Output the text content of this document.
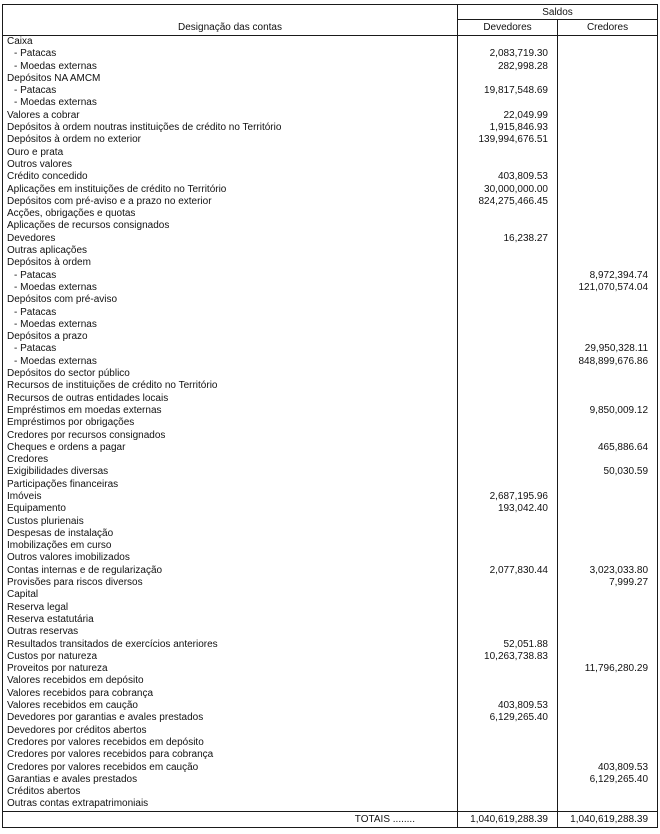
Designação das contas	Saldos	
	Devedores	Credores
Caixa		
- Patacas	2,083,719.30	
- Moedas externas	282,998.28	
Depósitos NA AMCM		
- Patacas	19,817,548.69	
- Moedas externas		
Valores a cobrar	22,049.99	
Depósitos à ordem noutras instituições de crédito no Território	1,915,846.93	
Depósitos à ordem no exterior	139,994,676.51	
Ouro e prata		
Outros valores		
Crédito concedido	403,809.53	
Aplicações em instituições de crédito no Território	30,000,000.00	
Depósitos com pré-aviso e a prazo no exterior	824,275,466.45	
Acções, obrigações e quotas		
Aplicações de recursos consignados		
Devedores	16,238.27	
Outras aplicações		
Depósitos à ordem		
- Patacas		8,972,394.74
- Moedas externas		121,070,574.04
Depósitos com pré-aviso		
- Patacas		
- Moedas externas		
Depósitos a prazo		
- Patacas		29,950,328.11
- Moedas externas		848,899,676.86
Depósitos do sector público		
Recursos de instituições de crédito no Território		
Recursos de outras entidades locais		
Empréstimos em moedas externas		9,850,009.12
Empréstimos por obrigações		
Credores por recursos consignados		
Cheques e ordens a pagar		465,886.64
Credores		
Exigibilidades diversas		50,030.59
Participações financeiras		
Imóveis	2,687,195.96	
Equipamento	193,042.40	
Custos plurienais		
Despesas de instalação		
Imobilizações em curso		
Outros valores imobilizados		
Contas internas e de regularização	2,077,830.44	3,023,033.80
Provisões para riscos diversos		7,999.27
Capital		
Reserva legal		
Reserva estatutária		
Outras reservas		
Resultados transitados de exercícios anteriores	52,051.88	
Custos por natureza	10,263,738.83	
Proveitos por natureza		11,796,280.29
Valores recebidos em depósito		
Valores recebidos para cobrança		
Valores recebidos em caução	403,809.53	
Devedores por garantias e avales prestados	6,129,265.40	
Devedores por créditos abertos		
Credores por valores recebidos em depósito		
Credores por valores recebidos para cobrança		
Credores por valores recebidos em caução		403,809.53
Garantias e avales prestados		6,129,265.40
Créditos abertos		
Outras contas extrapatrimoniais		
TOTAIS ........	1,040,619,288.39	1,040,619,288.39
